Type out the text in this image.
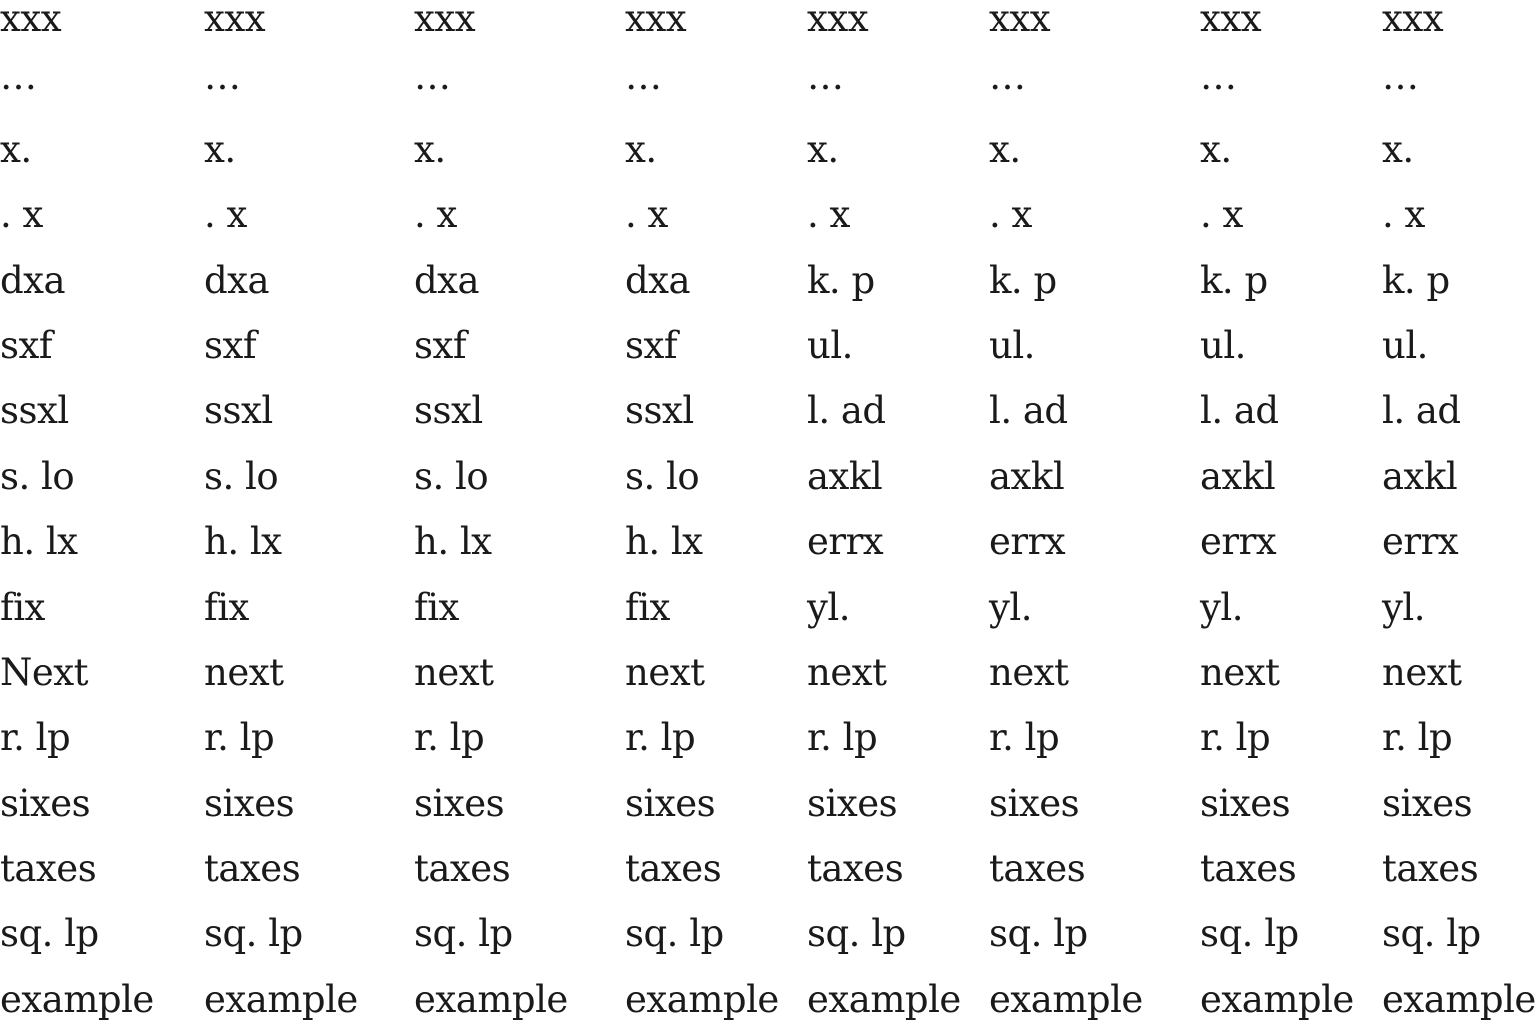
xxx
…
x.
. x
dxa
sxf
ssxl
s. lo
h. lx
fix
Next
r. lp
sixes
taxes
sq. lp
example
xxx
…
x.
. x
dxa
sxf
ssxl
s. lo
h. lx
fix
next
r. lp
sixes
taxes
sq. lp
example
xxx
…
x.
. x
dxa
sxf
ssxl
s. lo
h. lx
fix
next
r. lp
sixes
taxes
sq. lp
example
xxx
…
x.
. x
dxa
sxf
ssxl
s. lo
h. lx
fix
next
r. lp
sixes
taxes
sq. lp
example
xxx
…
x.
. x
k. p
ul.
l. ad
axkl
errx
yl.
next
r. lp
sixes
taxes
sq. lp
example
xxx
…
x.
. x
k. p
ul.
l. ad
axkl
errx
yl.
next
r. lp
sixes
taxes
sq. lp
example
xxx
…
x.
. x
k. p
ul.
l. ad
axkl
errx
yl.
next
r. lp
sixes
taxes
sq. lp
example
xxx
…
x.
. x
k. p
ul.
l. ad
axkl
errx
yl.
next
r. lp
sixes
taxes
sq. lp
example
